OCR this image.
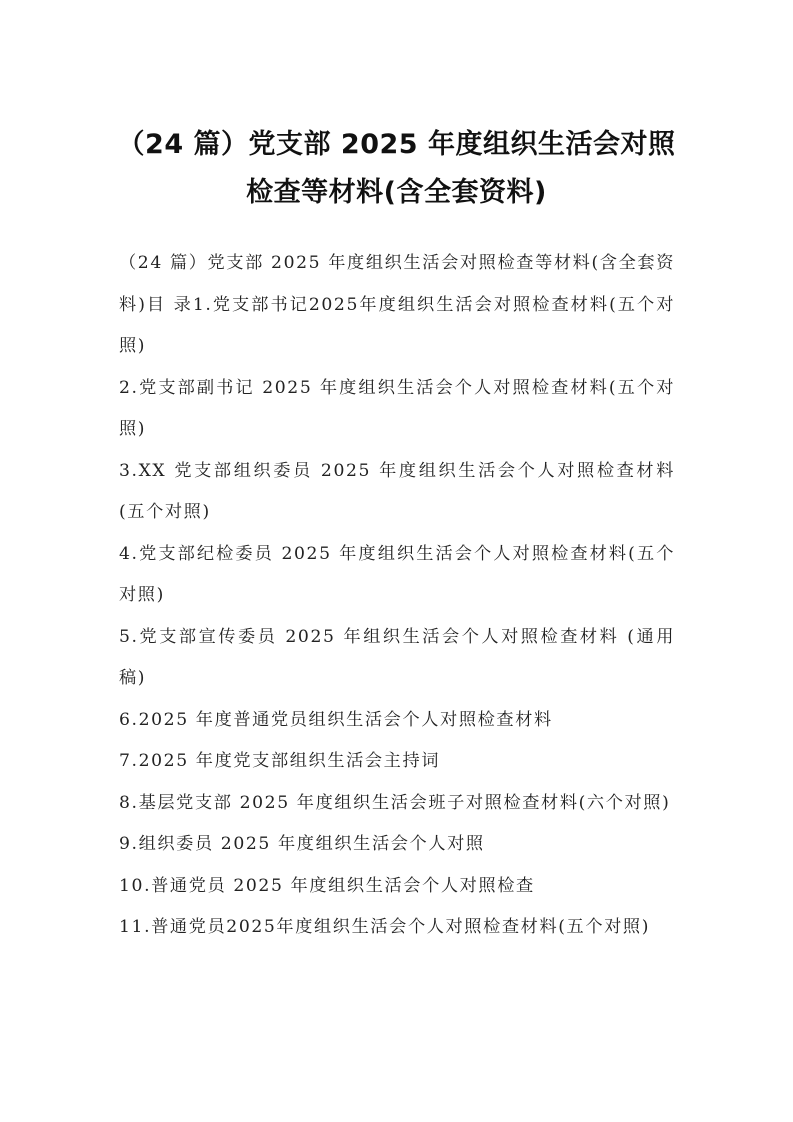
（24 篇）党支部 2025 年度组织生活会对照
检查等材料(含全套资料)

（24 篇）党支部 2025 年度组织生活会对照检查等材料(含全套资料)目 录1.党支部书记2025年度组织生活会对照检查材料(五个对照)

2.党支部副书记 2025 年度组织生活会个人对照检查材料(五个对照)

3.XX 党支部组织委员 2025 年度组织生活会个人对照检查材料(五个对照)

4.党支部纪检委员 2025 年度组织生活会个人对照检查材料(五个对照)

5.党支部宣传委员 2025 年组织生活会个人对照检查材料 (通用稿)

6.2025 年度普通党员组织生活会个人对照检查材料

7.2025 年度党支部组织生活会主持词

8.基层党支部 2025 年度组织生活会班子对照检查材料(六个对照)

9.组织委员 2025 年度组织生活会个人对照

10.普通党员 2025 年度组织生活会个人对照检查

11.普通党员2025年度组织生活会个人对照检查材料(五个对照)
